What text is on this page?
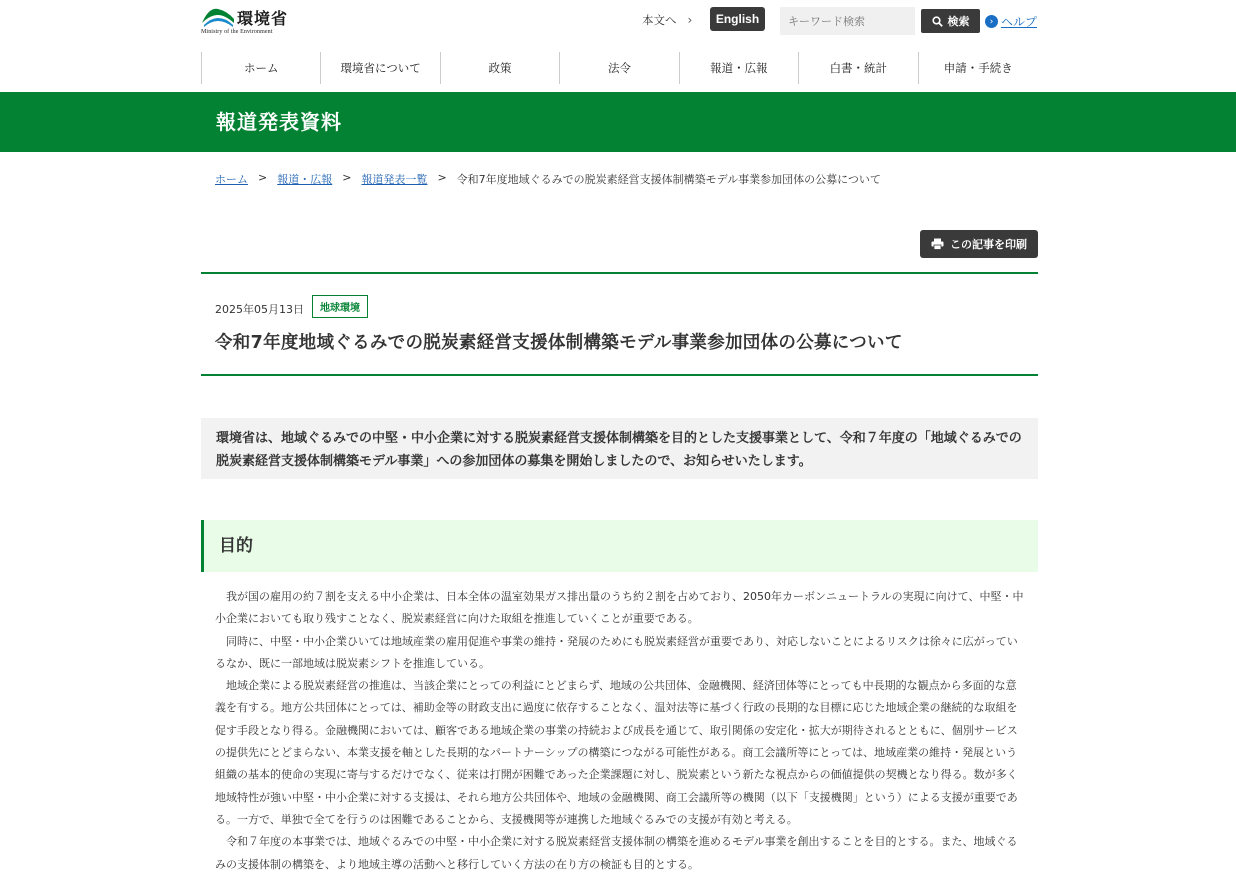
環境省
Ministry of the Environment
本文へ ›	English
キーワード検索	検索	› ヘルプ
ホーム	環境省について	政策	法令	報道・広報	白書・統計	申請・手続き
報道発表資料
ホーム > 報道・広報 > 報道発表一覧 > 令和7年度地域ぐるみでの脱炭素経営支援体制構築モデル事業参加団体の公募について
この記事を印刷
2025年05月13日	地球環境
令和7年度地域ぐるみでの脱炭素経営支援体制構築モデル事業参加団体の公募について
環境省は、地域ぐるみでの中堅・中小企業に対する脱炭素経営支援体制構築を目的とした支援事業として、令和７年度の「地域ぐるみでの脱炭素経営支援体制構築モデル事業」への参加団体の募集を開始しましたので、お知らせいたします。
目的

我が国の雇用の約７割を支える中小企業は、日本全体の温室効果ガス排出量のうち約２割を占めており、2050年カーボンニュートラルの実現に向けて、中堅・中小企業においても取り残すことなく、脱炭素経営に向けた取組を推進していくことが重要である。

同時に、中堅・中小企業ひいては地域産業の雇用促進や事業の維持・発展のためにも脱炭素経営が重要であり、対応しないことによるリスクは徐々に広がっているなか、既に一部地域は脱炭素シフトを推進している。

地域企業による脱炭素経営の推進は、当該企業にとっての利益にとどまらず、地域の公共団体、金融機関、経済団体等にとっても中長期的な観点から多面的な意義を有する。地方公共団体にとっては、補助金等の財政支出に過度に依存することなく、温対法等に基づく行政の長期的な目標に応じた地域企業の継続的な取組を促す手段となり得る。金融機関においては、顧客である地域企業の事業の持続および成長を通じて、取引関係の安定化・拡大が期待されるとともに、個別サービスの提供先にとどまらない、本業支援を軸とした長期的なパートナーシップの構築につながる可能性がある。商工会議所等にとっては、地域産業の維持・発展という組織の基本的使命の実現に寄与するだけでなく、従来は打開が困難であった企業課題に対し、脱炭素という新たな視点からの価値提供の契機となり得る。数が多く地域特性が強い中堅・中小企業に対する支援は、それら地方公共団体や、地域の金融機関、商工会議所等の機関（以下「支援機関」という）による支援が重要である。一方で、単独で全てを行うのは困難であることから、支援機関等が連携した地域ぐるみでの支援が有効と考える。

令和７年度の本事業では、地域ぐるみでの中堅・中小企業に対する脱炭素経営支援体制の構築を進めるモデル事業を創出することを目的とする。また、地域ぐるみの支援体制の構築を、より地域主導の活動へと移行していく方法の在り方の検証も目的とする。
